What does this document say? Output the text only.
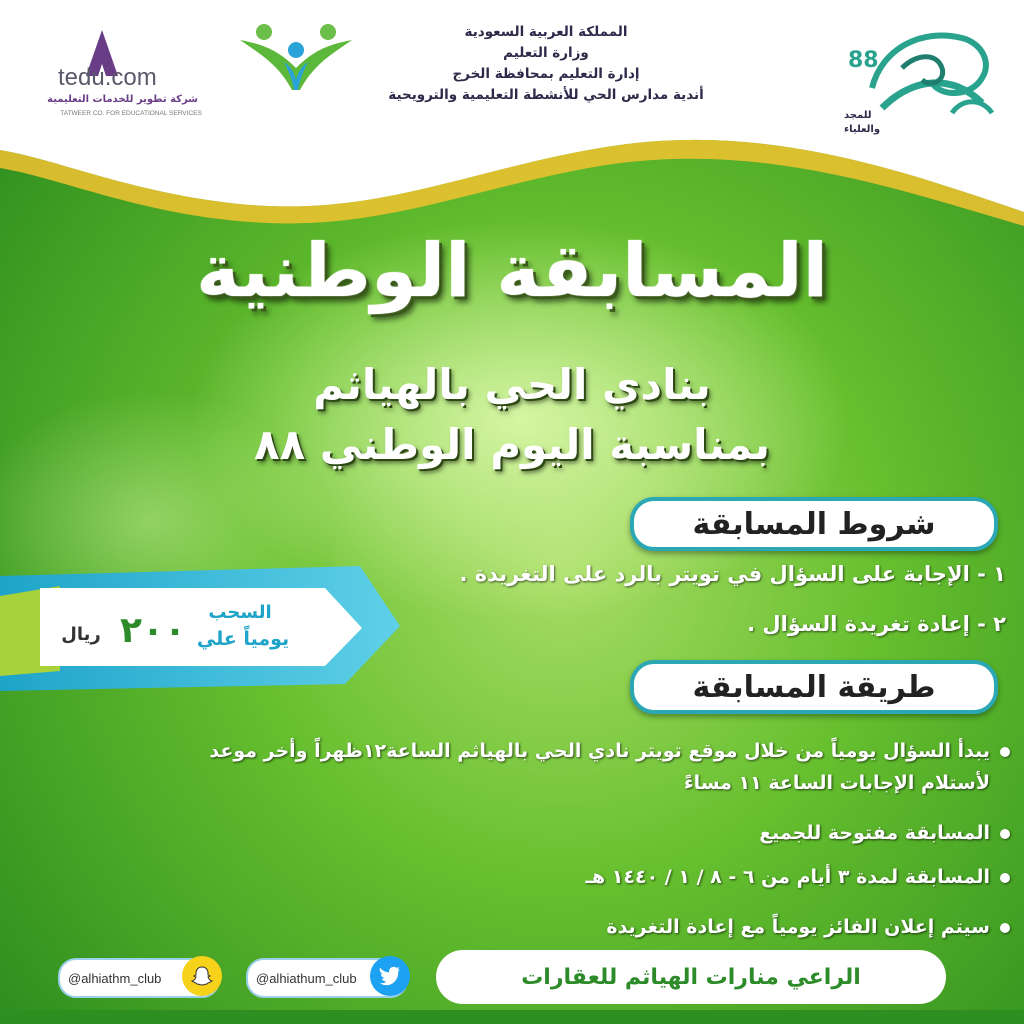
88
للمجد
والعلياء
المملكة العربية السعودية
وزارة التعليم
إدارة التعليم بمحافظة الخرج
أندية مدارس الحي للأنشطة التعليمية والترويحية
tedu.com
شركة تطوير للخدمات التعليمية
TATWEER CO. FOR EDUCATIONAL SERVICES
المسابقة الوطنية
بنادي الحي بالهياثم
بمناسبة اليوم الوطني ٨٨
شروط المسابقة
١ - الإجابة على السؤال في تويتر بالرد على التغريدة .
٢ - إعادة تغريدة السؤال .
السحب
يومياً علي
٢٠٠
ريال
طريقة المسابقة
يبدأ السؤال يومياً من خلال موقع تويتر نادي الحي بالهياثم الساعة١٢ظهراً وأخر موعد
لأستلام الإجابات الساعة ١١ مساءً
المسابقة مفتوحة للجميع
المسابقة لمدة ٣ أيام من ٦ - ٨ / ١ / ١٤٤٠ هـ
سيتم إعلان الفائز يومياً مع إعادة التغريدة
@alhiathm_club	@alhiathum_club	الراعي منارات الهياثم للعقارات
